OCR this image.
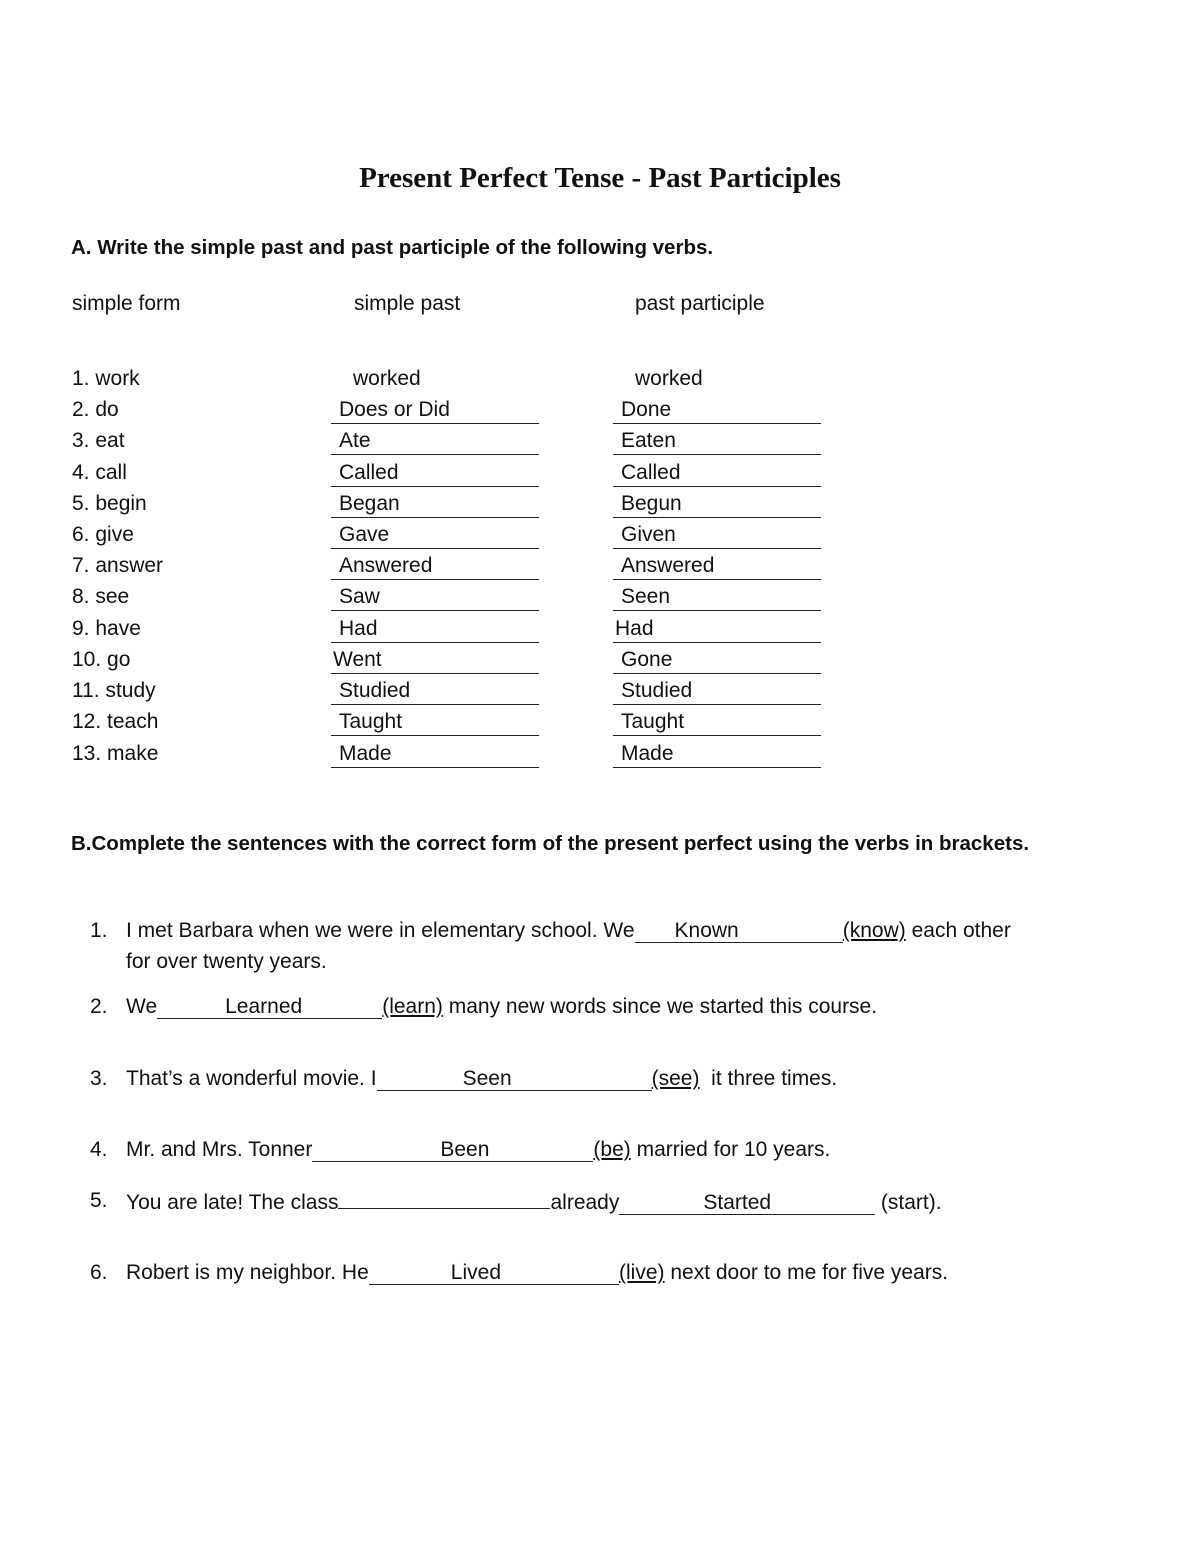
Present Perfect Tense - Past Participles
A. Write the simple past and past participle of the following verbs.
simple form	simple past	past participle
1. work	worked	worked
2. do	Does or Did	Done
3. eat	Ate	Eaten
4. call	Called	Called
5. begin	Began	Begun
6. give	Gave	Given
7. answer	Answered	Answered
8. see	Saw	Seen
9. have	Had	Had
10. go	Went	Gone
11. study	Studied	Studied
12. teach	Taught	Taught
13. make	Made	Made
B.Complete the sentences with the correct form of the present perfect using the verbs in brackets.
1. I met Barbara when we were in elementary school. We Known	(know) each other
for over twenty years.
2. We	Learned	(learn) many new words since we started this course.
3. That’s a wonderful movie. I	Seen	(see)  it three times.
4. Mr. and Mrs. Tonner	Been	(be) married for 10 years.
5. You are late! The class	already	Started	(start).
6. Robert is my neighbor. He	Lived	(live) next door to me for five years.
